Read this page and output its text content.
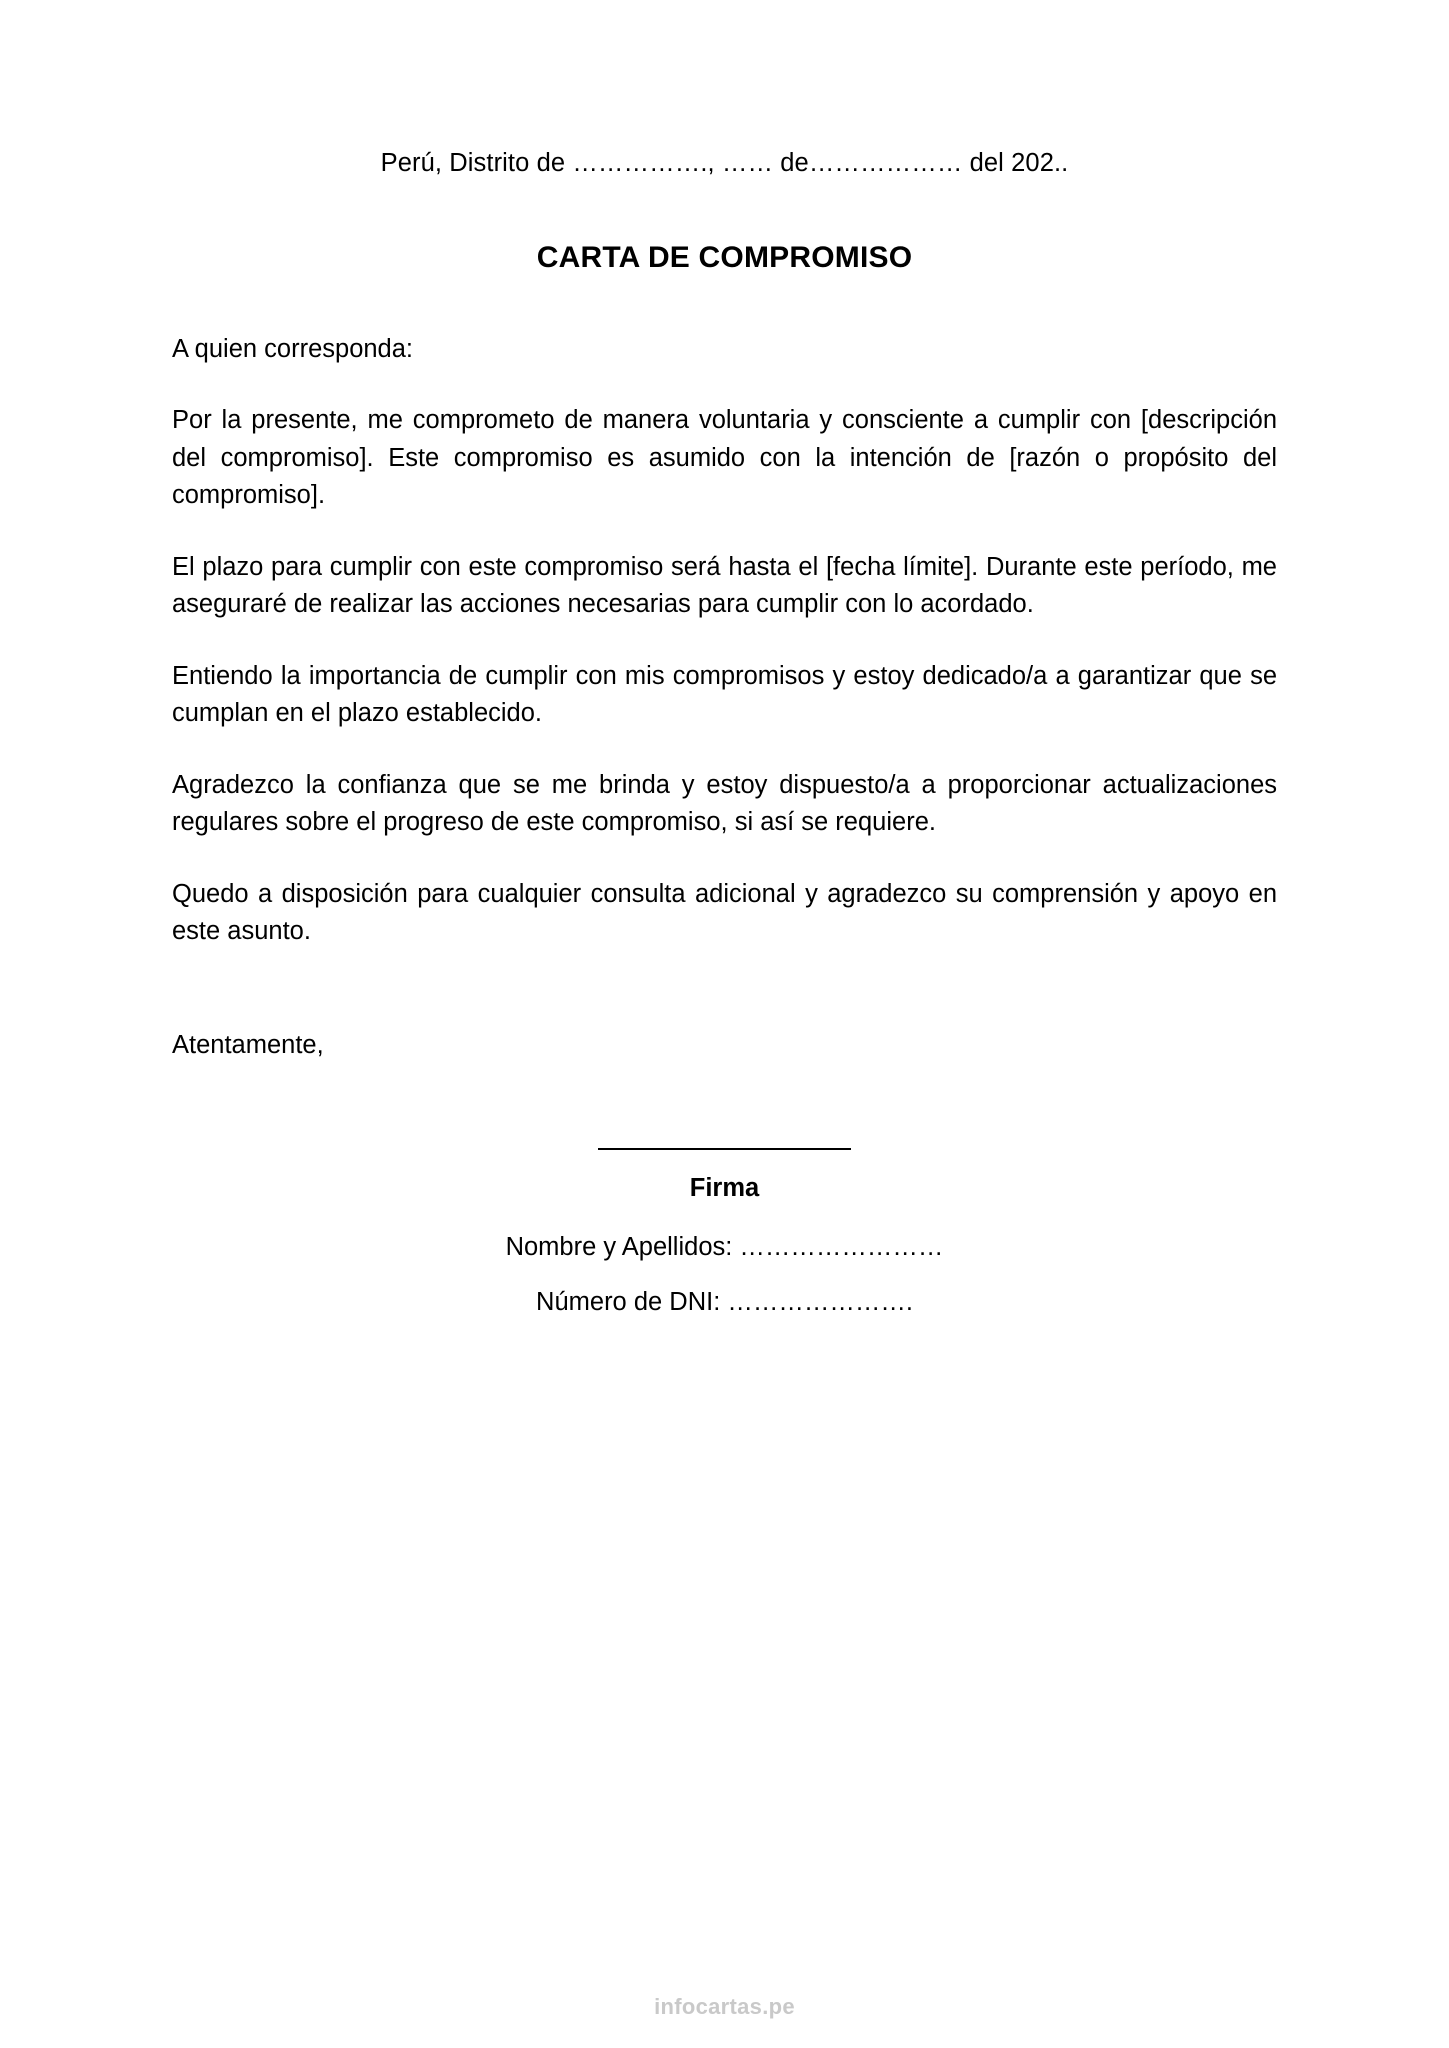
Perú, Distrito de ……………., …… de……………… del 202..
CARTA DE COMPROMISO

A quien corresponda:

Por la presente, me comprometo de manera voluntaria y consciente a cumplir con [descripción del compromiso]. Este compromiso es asumido con la intención de [razón o propósito del compromiso].

El plazo para cumplir con este compromiso será hasta el [fecha límite]. Durante este período, me aseguraré de realizar las acciones necesarias para cumplir con lo acordado.

Entiendo la importancia de cumplir con mis compromisos y estoy dedicado/a a garantizar que se cumplan en el plazo establecido.

Agradezco la confianza que se me brinda y estoy dispuesto/a a proporcionar actualizaciones regulares sobre el progreso de este compromiso, si así se requiere.

Quedo a disposición para cualquier consulta adicional y agradezco su comprensión y apoyo en este asunto.

Atentamente,
Firma
Nombre y Apellidos: ……………………
Número de DNI: ………………….
infocartas.pe
